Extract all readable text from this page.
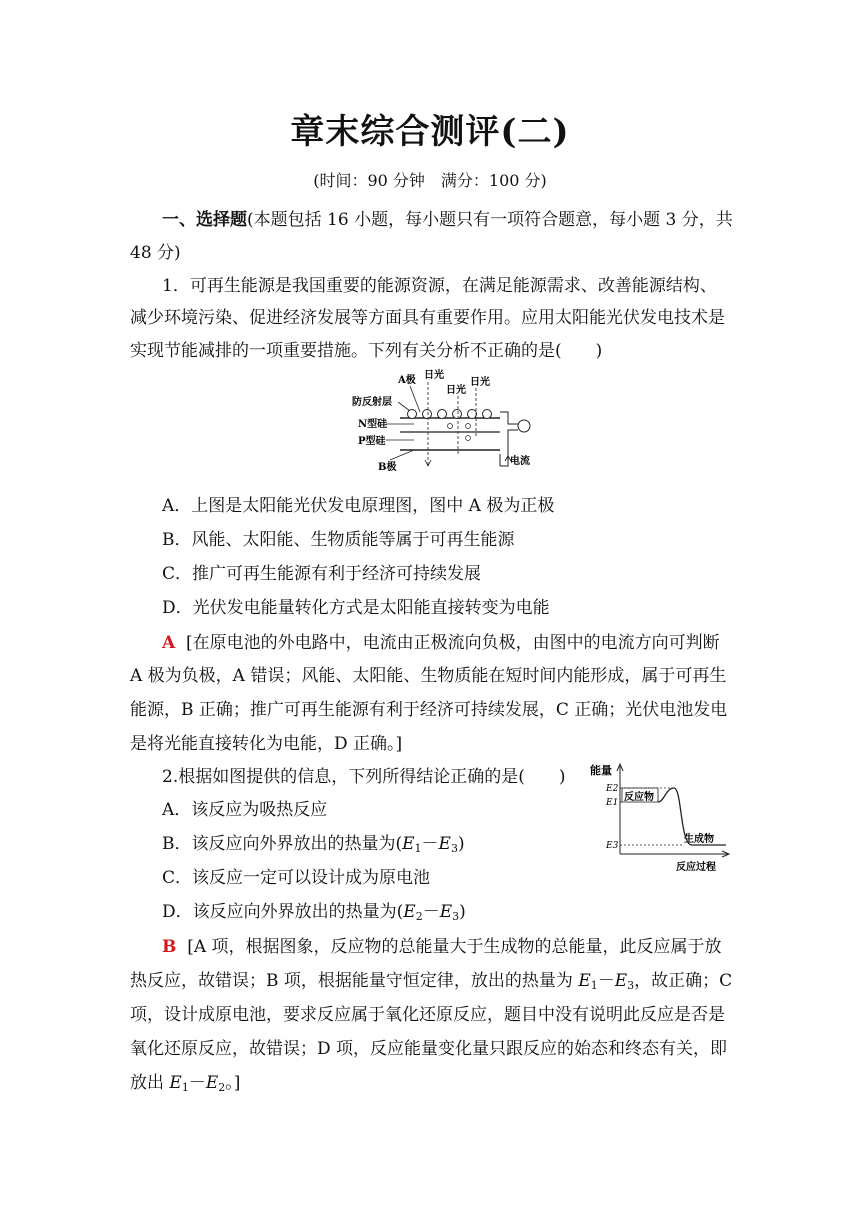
章末综合测评(二)
(时间：90 分钟　满分：100 分)
一、选择题(本题包括 16 小题，每小题只有一项符合题意，每小题 3 分，共
48 分)
1．可再生能源是我国重要的能源资源，在满足能源需求、改善能源结构、
减少环境污染、促进经济发展等方面具有重要作用。应用太阳能光伏发电技术是
实现节能减排的一项重要措施。下列有关分析不正确的是(　　)
A极 日光
日光
日光
防反射层
N型硅
P型硅
B极
电流
A．上图是太阳能光伏发电原理图，图中 A 极为正极
B．风能、太阳能、生物质能等属于可再生能源
C．推广可再生能源有利于经济可持续发展
D．光伏发电能量转化方式是太阳能直接转变为电能
A [在原电池的外电路中，电流由正极流向负极，由图中的电流方向可判断
A 极为负极，A 错误；风能、太阳能、生物质能在短时间内能形成，属于可再生
能源，B 正确；推广可再生能源有利于经济可持续发展，C 正确；光伏电池发电
是将光能直接转化为电能，D 正确。]
2.根据如图提供的信息，下列所得结论正确的是(　　) 能量
反应过程
E2
E1
E3
反应物
生成物
A．该反应为吸热反应
B．该反应向外界放出的热量为$(E_1-E_3)$
C．该反应一定可以设计成为原电池
D．该反应向外界放出的热量为$(E_2-E_3)$
B [A 项，根据图象，反应物的总能量大于生成物的总能量，此反应属于放
热反应，故错误；B 项，根据能量守恒定律，放出的热量为 $E_1-E_3$，故正确；C
项，设计成原电池，要求反应属于氧化还原反应，题目中没有说明此反应是否是
氧化还原反应，故错误；D 项，反应能量变化量只跟反应的始态和终态有关，即
放出 $E_1-E_2$。]
